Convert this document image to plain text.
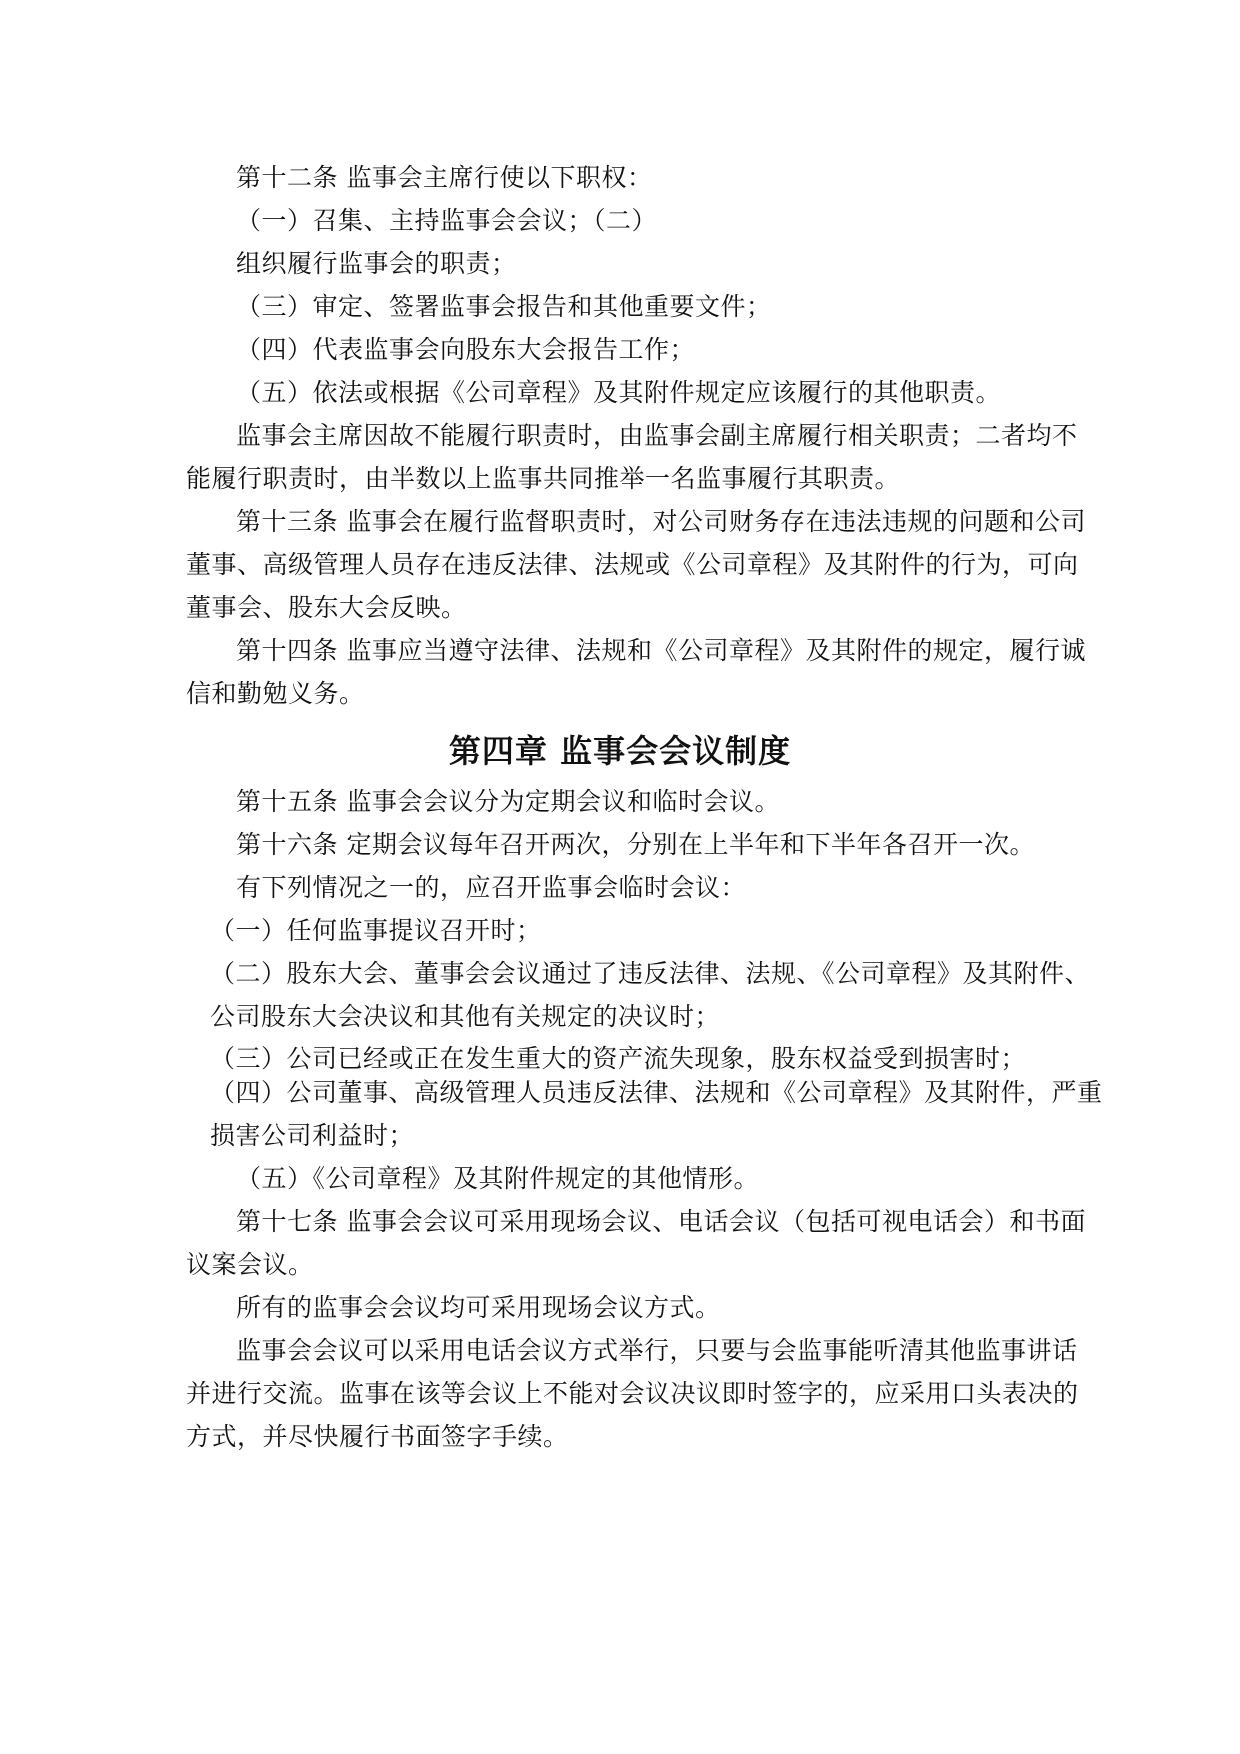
第十二条 监事会主席行使以下职权：
（一）召集、主持监事会会议；（二）
组织履行监事会的职责；
（三）审定、签署监事会报告和其他重要文件；
（四）代表监事会向股东大会报告工作；
（五）依法或根据《公司章程》及其附件规定应该履行的其他职责。
监事会主席因故不能履行职责时，由监事会副主席履行相关职责；二者均不
能履行职责时，由半数以上监事共同推举一名监事履行其职责。
第十三条 监事会在履行监督职责时，对公司财务存在违法违规的问题和公司
董事、高级管理人员存在违反法律、法规或《公司章程》及其附件的行为，可向
董事会、股东大会反映。
第十四条 监事应当遵守法律、法规和《公司章程》及其附件的规定，履行诚
信和勤勉义务。
第四章 监事会会议制度
第十五条 监事会会议分为定期会议和临时会议。
第十六条 定期会议每年召开两次，分别在上半年和下半年各召开一次。
有下列情况之一的，应召开监事会临时会议：
（一）任何监事提议召开时；
（二）股东大会、董事会会议通过了违反法律、法规、《公司章程》及其附件、
公司股东大会决议和其他有关规定的决议时；
（三）公司已经或正在发生重大的资产流失现象，股东权益受到损害时；
（四）公司董事、高级管理人员违反法律、法规和《公司章程》及其附件，严重
损害公司利益时；
（五）《公司章程》及其附件规定的其他情形。
第十七条 监事会会议可采用现场会议、电话会议（包括可视电话会）和书面
议案会议。
所有的监事会会议均可采用现场会议方式。
监事会会议可以采用电话会议方式举行，只要与会监事能听清其他监事讲话
并进行交流。监事在该等会议上不能对会议决议即时签字的，应采用口头表决的
方式，并尽快履行书面签字手续。
